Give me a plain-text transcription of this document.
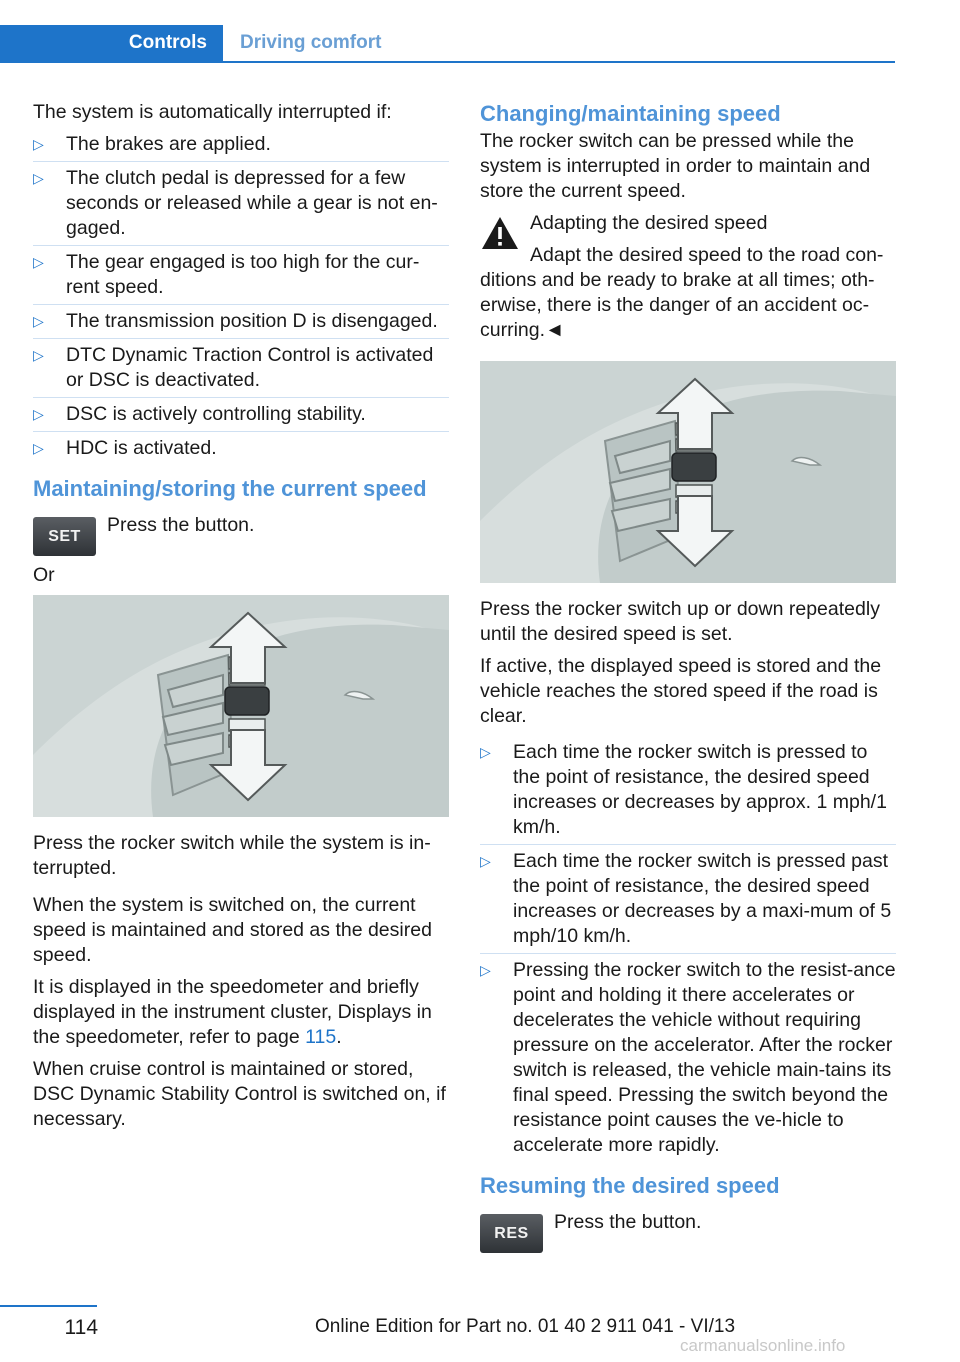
Controls	Driving comfort

The system is automatically interrupted if:

▷ The brakes are applied.
▷ The clutch pedal is depressed for a few seconds or released while a gear is not en-gaged.
▷ The gear engaged is too high for the cur-rent speed.
▷ The transmission position D is disengaged.
▷ DTC Dynamic Traction Control is activated or DSC is deactivated.
▷ DSC is actively controlling stability.
▷ HDC is activated.
Maintaining/storing the current speed
SET
Press the button.

Or

Press the rocker switch while the system is in-terrupted.

When the system is switched on, the current speed is maintained and stored as the desired speed.

It is displayed in the speedometer and briefly displayed in the instrument cluster, Displays in the speedometer, refer to page 115.

When cruise control is maintained or stored, DSC Dynamic Stability Control is switched on, if necessary.

Changing/maintaining speed

The rocker switch can be pressed while the system is interrupted in order to maintain and store the current speed.

Adapting the desired speed

Adapt the desired speed to the road con-ditions and be ready to brake at all times; oth-erwise, there is the danger of an accident oc-curring.◄

Press the rocker switch up or down repeatedly until the desired speed is set.

If active, the displayed speed is stored and the vehicle reaches the stored speed if the road is clear.

▷ Each time the rocker switch is pressed to the point of resistance, the desired speed increases or decreases by approx. 1 mph/1 km/h.
▷ Each time the rocker switch is pressed past the point of resistance, the desired speed increases or decreases by a maxi-mum of 5 mph/10 km/h.
▷ Pressing the rocker switch to the resist-ance point and holding it there accelerates or decelerates the vehicle without requiring pressure on the accelerator. After the rocker switch is released, the vehicle main-tains its final speed. Pressing the switch beyond the resistance point causes the ve-hicle to accelerate more rapidly.
Resuming the desired speed
RES
Press the button.
114	Online Edition for Part no. 01 40 2 911 041 - VI/13
carmanualsonline.info
